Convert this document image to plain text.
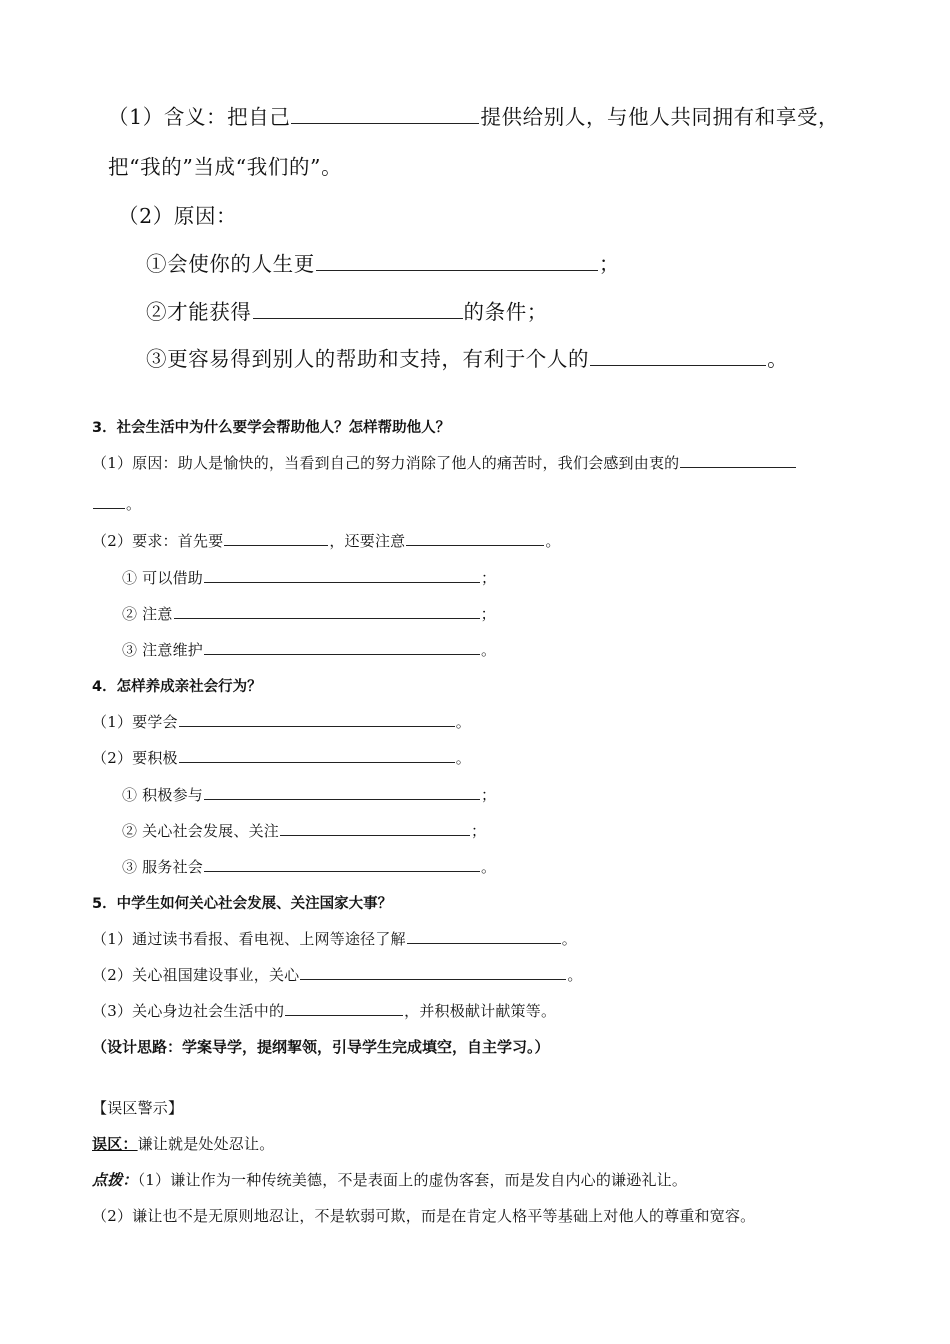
（1）含义：把自己	提供给别人，与他人共同拥有和享受，
把“我的”当成“我们的”。
（2）原因：
①会使你的人生更	；
②才能获得	的条件；
③更容易得到别人的帮助和支持，有利于个人的	。
3．社会生活中为什么要学会帮助他人？怎样帮助他人？
（1）原因：助人是愉快的，当看到自己的努力消除了他人的痛苦时，我们会感到由衷的
。
（2）要求：首先要	，还要注意	。
① 可以借助	；
② 注意	；
③ 注意维护	。
4．怎样养成亲社会行为？
（1）要学会	。
（2）要积极	。
① 积极参与	；
② 关心社会发展、关注	；
③ 服务社会	。
5．中学生如何关心社会发展、关注国家大事？
（1）通过读书看报、看电视、上网等途径了解	。
（2）关心祖国建设事业，关心	。
（3）关心身边社会生活中的	，并积极献计献策等。
（设计思路：学案导学，提纲挈领，引导学生完成填空，自主学习。）
【误区警示】
误区：谦让就是处处忍让。
点拨：（1）谦让作为一种传统美德，不是表面上的虚伪客套，而是发自内心的谦逊礼让。
（2）谦让也不是无原则地忍让，不是软弱可欺，而是在肯定人格平等基础上对他人的尊重和宽容。
